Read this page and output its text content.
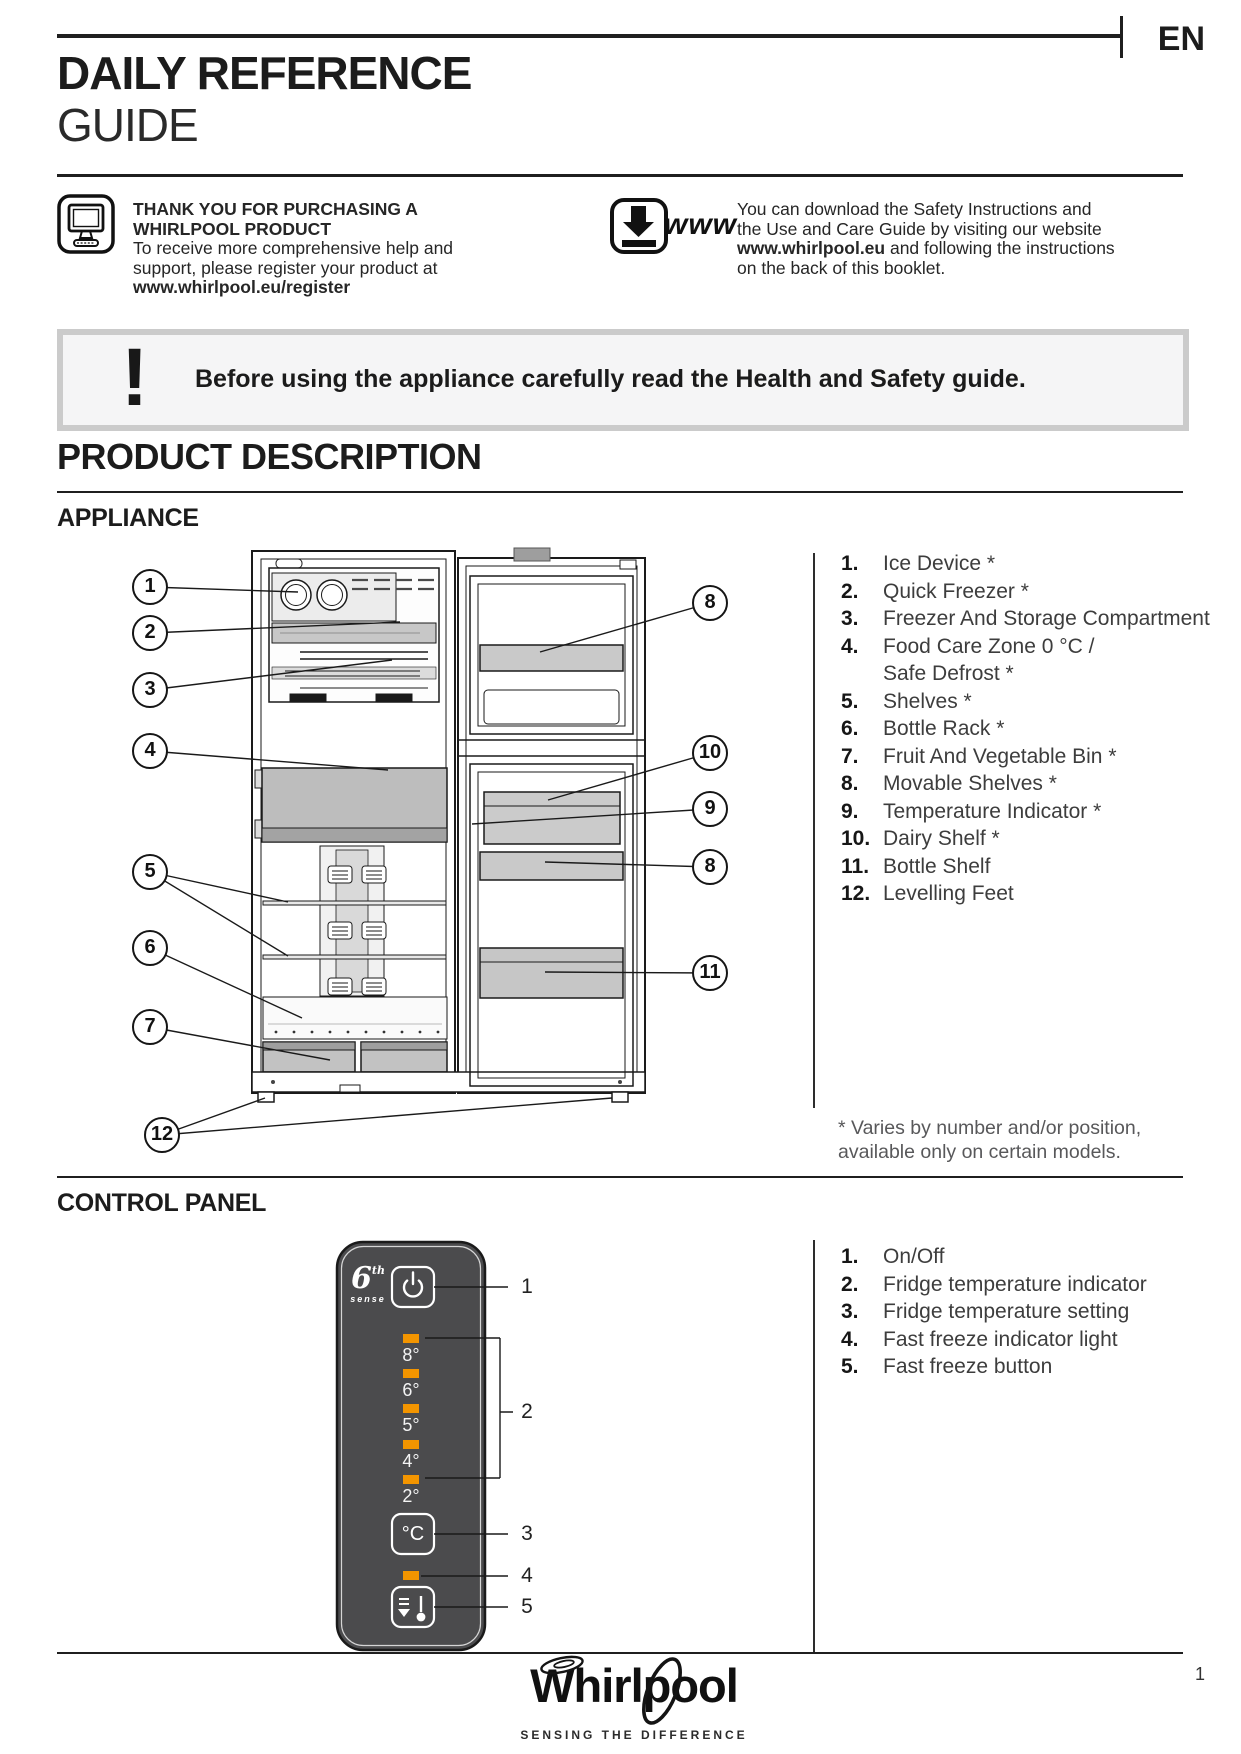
EN
DAILY REFERENCE
GUIDE
THANK YOU FOR PURCHASING A
WHIRLPOOL PRODUCT
To receive more comprehensive help and
support, please register your product at
www.whirlpool.eu/register
www You can download the Safety Instructions and
the Use and Care Guide by visiting our website
www.whirlpool.eu and following the instructions
on the back of this booklet.
! Before using the appliance carefully read the Health and Safety guide.
PRODUCT DESCRIPTION
APPLIANCE
1
2
3
4
5
6
7
12
8
10
9
8
11
1.	Ice Device *
2.	Quick Freezer *
3.	Freezer And Storage Compartment
4.	Food Care Zone 0 °C /
Safe Defrost *
5.	Shelves *
6.	Bottle Rack *
7.	Fruit And Vegetable Bin *
8.	Movable Shelves *
9.	Temperature Indicator *
10. Dairy Shelf *
11. Bottle Shelf
12. Levelling Feet
* Varies by number and/or position,
available only on certain models.
CONTROL PANEL
6th
sense
8°
6°
5°
4°
2°
°C
1
2
3
4
5
1.	On/Off
2.	Fridge temperature indicator
3.	Fridge temperature setting
4.	Fast freeze indicator light
5.	Fast freeze button
Whirlpool
SENSING THE DIFFERENCE
1
